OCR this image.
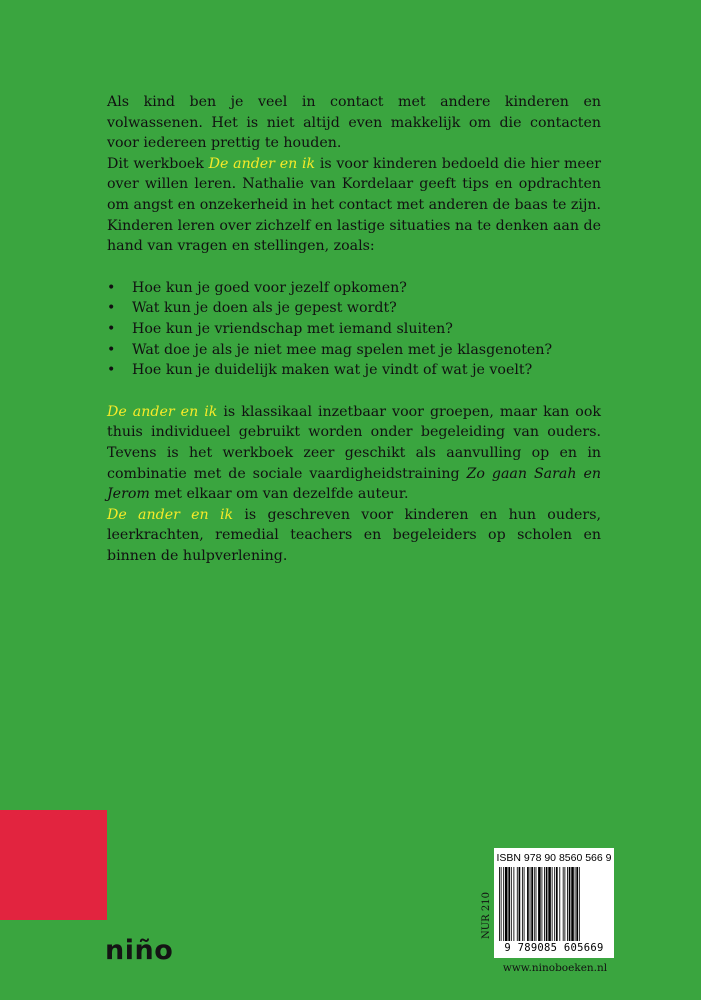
Als kind ben je veel in contact met andere kinderen en volwassenen. Het is niet altijd even makkelijk om die contacten voor iedereen prettig te houden.

Dit werkboek De ander en ik is voor kinderen bedoeld die hier meer over willen leren. Nathalie van Kordelaar geeft tips en opdrachten om angst en onzekerheid in het contact met anderen de baas te zijn. Kinderen leren over zichzelf en lastige situaties na te denken aan de hand van vragen en stellingen, zoals:

• Hoe kun je goed voor jezelf opkomen?
• Wat kun je doen als je gepest wordt?
• Hoe kun je vriendschap met iemand sluiten?
• Wat doe je als je niet mee mag spelen met je klasgenoten?
• Hoe kun je duidelijk maken wat je vindt of wat je voelt?

De ander en ik is klassikaal inzetbaar voor groepen, maar kan ook thuis individueel gebruikt worden onder begeleiding van ouders. Tevens is het werkboek zeer geschikt als aanvulling op en in combinatie met de sociale vaardigheidstraining Zo gaan Sarah en Jerom met elkaar om van dezelfde auteur.

De ander en ik is geschreven voor kinderen en hun ouders, leerkrachten, remedial teachers en begeleiders op scholen en binnen de hulpverlening.

niño
NUR 210
ISBN 978 90 8560 566 9
9 789085 605669
www.ninoboeken.nl
